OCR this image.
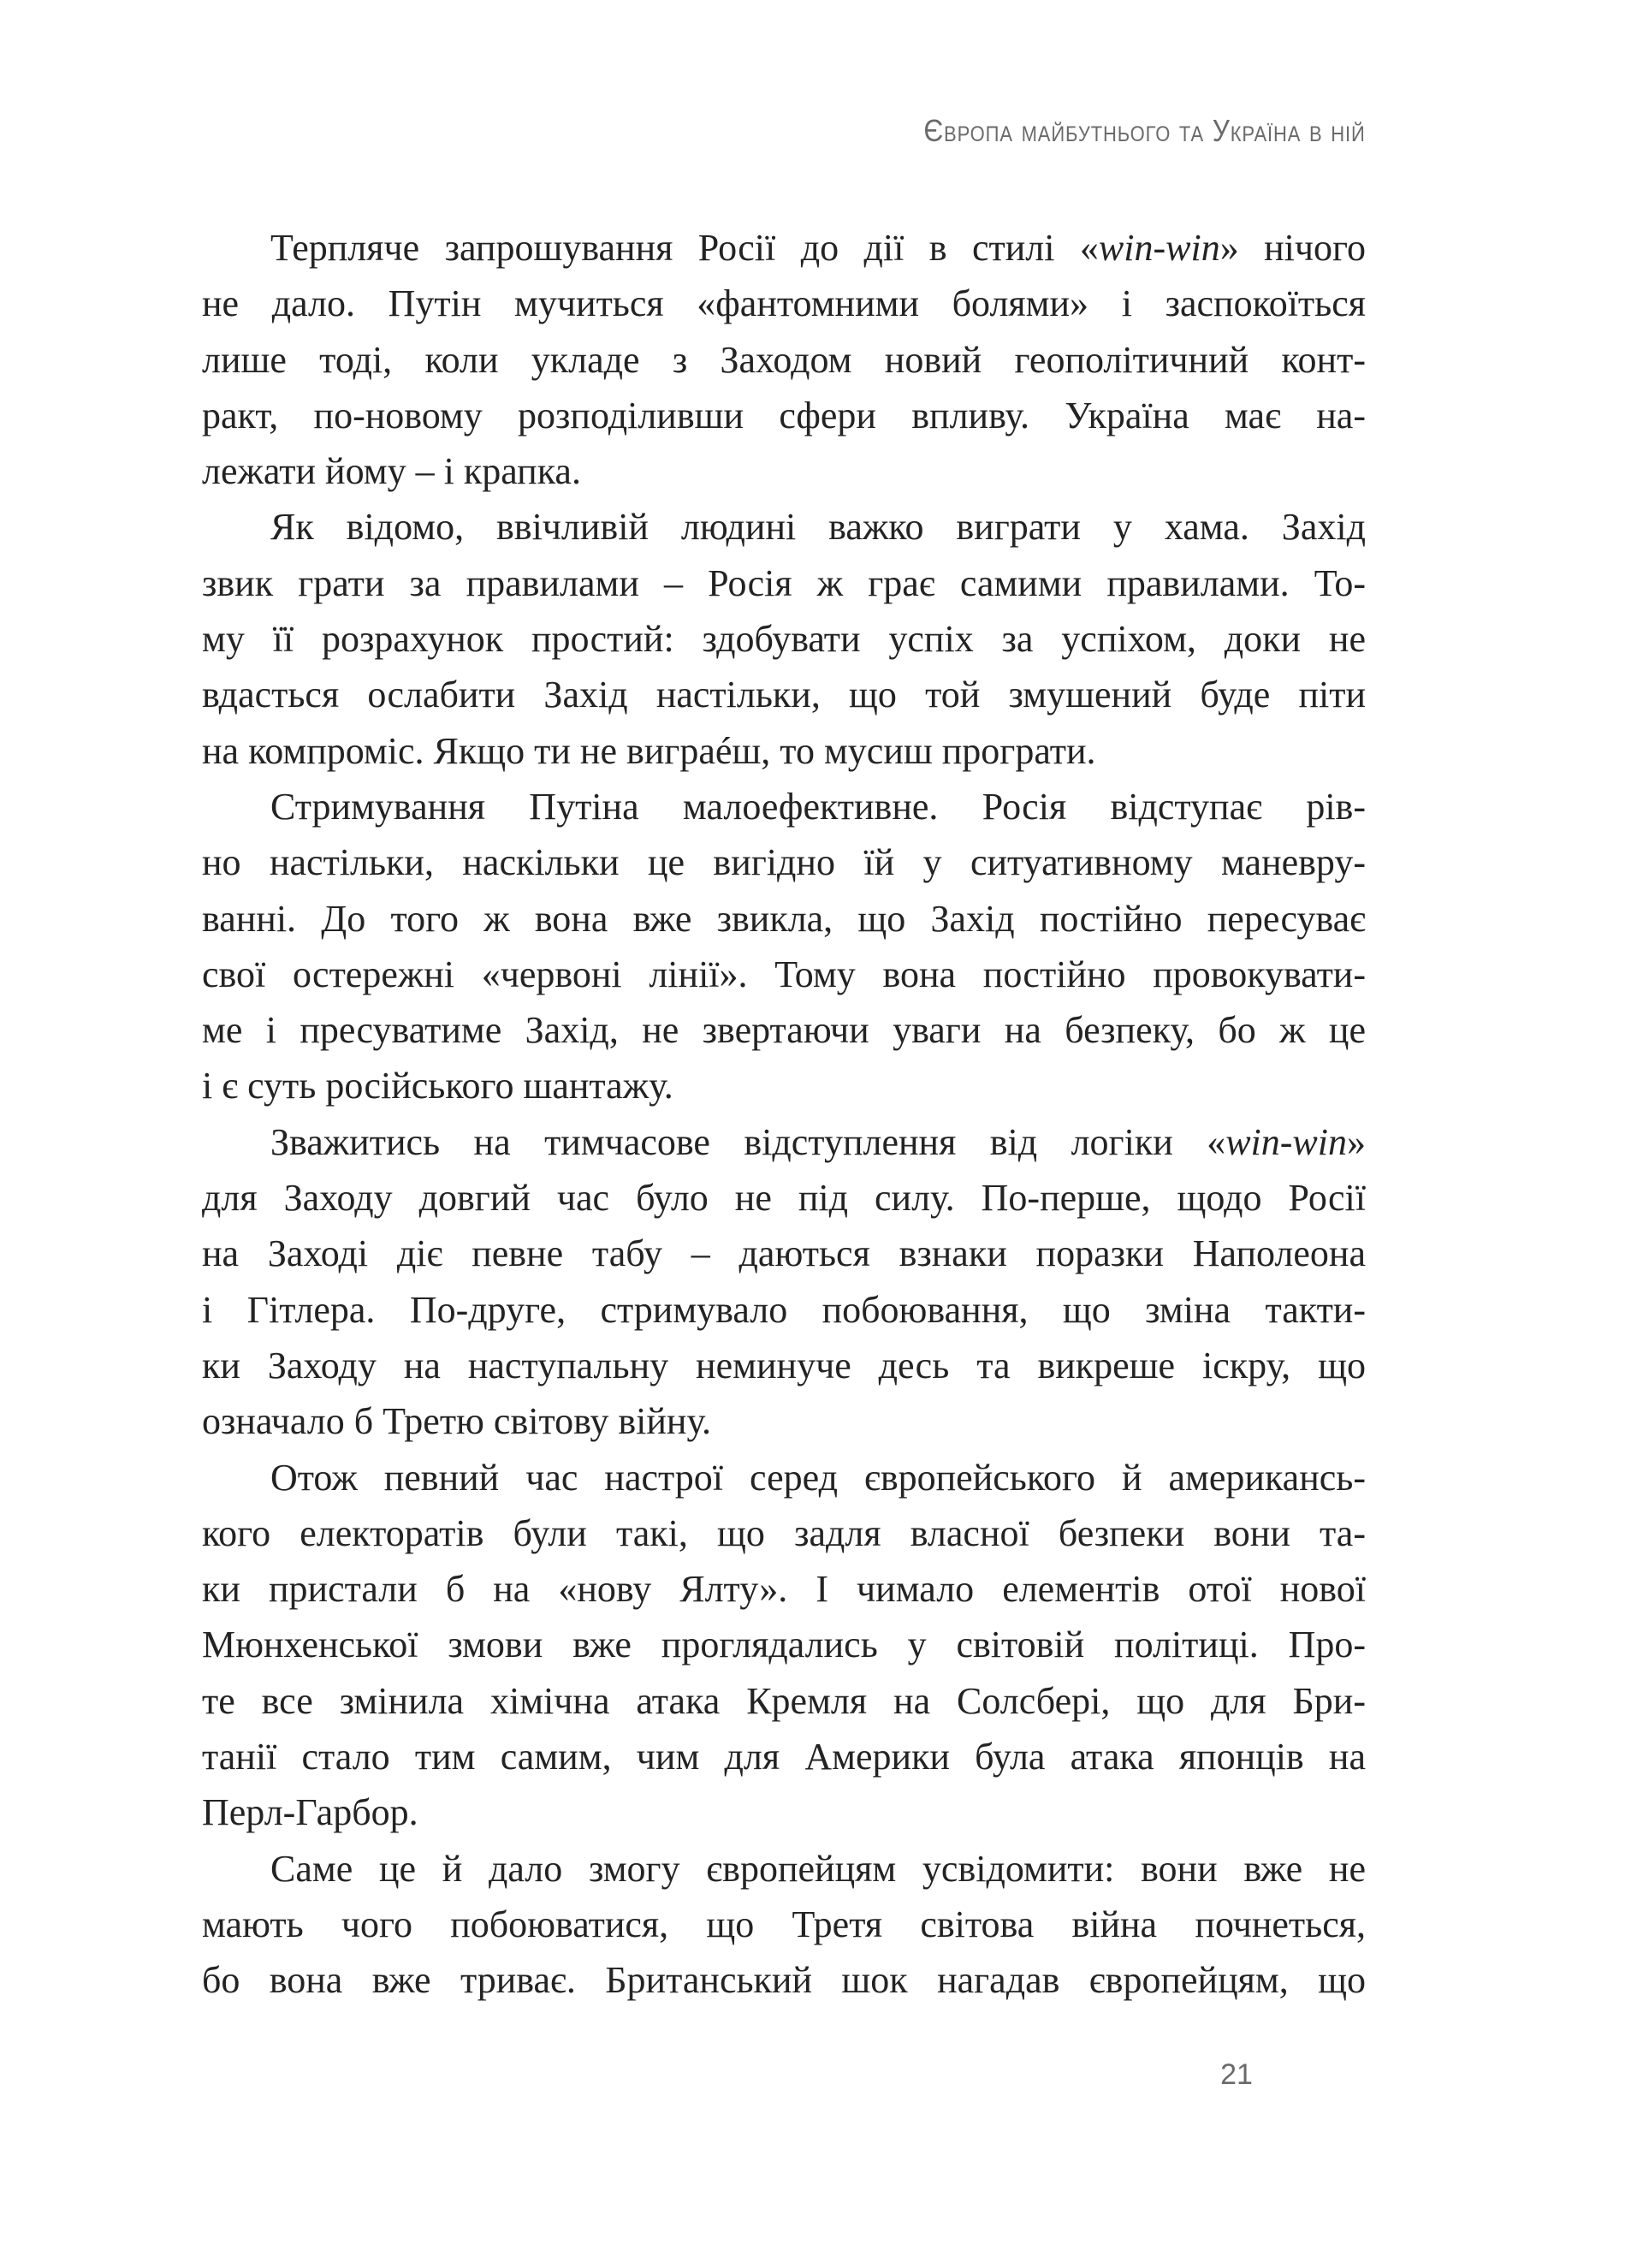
Європа майбутнього та Україна в ній
Терпляче запрошування Росії до дії в стилі «win-win» нічого
не дало. Путін мучиться «фантомними болями» і заспокоїться
лише тоді, коли укладе з Заходом новий геополітичний конт-
ракт, по-новому розподіливши сфери впливу. Україна має на-
лежати йому – і крапка.
Як відомо, ввічливій людині важко виграти у хама. Захід
звик грати за правилами – Росія ж грає самими правилами. То-
му її розрахунок простий: здобувати успіх за успіхом, доки не
вдасться ослабити Захід настільки, що той змушений буде піти
на компроміс. Якщо ти не виграéш, то мусиш програти.
Стримування Путіна малоефективне. Росія відступає рів-
но настільки, наскільки це вигідно їй у ситуативному маневру-
ванні. До того ж вона вже звикла, що Захід постійно пересуває
свої остережні «червоні лінії». Тому вона постійно провокувати-
ме і пресуватиме Захід, не звертаючи уваги на безпеку, бо ж це
і є суть російського шантажу.
Зважитись на тимчасове відступлення від логіки «win-win»
для Заходу довгий час було не під силу. По-перше, щодо Росії
на Заході діє певне табу – даються взнаки поразки Наполеона
і Гітлера. По-друге, стримувало побоювання, що зміна такти-
ки Заходу на наступальну неминуче десь та викреше іскру, що
означало б Третю світову війну.
Отож певний час настрої серед європейського й американсь-
кого електоратів були такі, що задля власної безпеки вони та-
ки пристали б на «нову Ялту». І чимало елементів отої нової
Мюнхенської змови вже проглядались у світовій політиці. Про-
те все змінила хімічна атака Кремля на Солсбері, що для Бри-
танії стало тим самим, чим для Америки була атака японців на
Перл-Гарбор.
Саме це й дало змогу європейцям усвідомити: вони вже не
мають чого побоюватися, що Третя світова війна почнеться,
бо вона вже триває. Британський шок нагадав європейцям, що
21
